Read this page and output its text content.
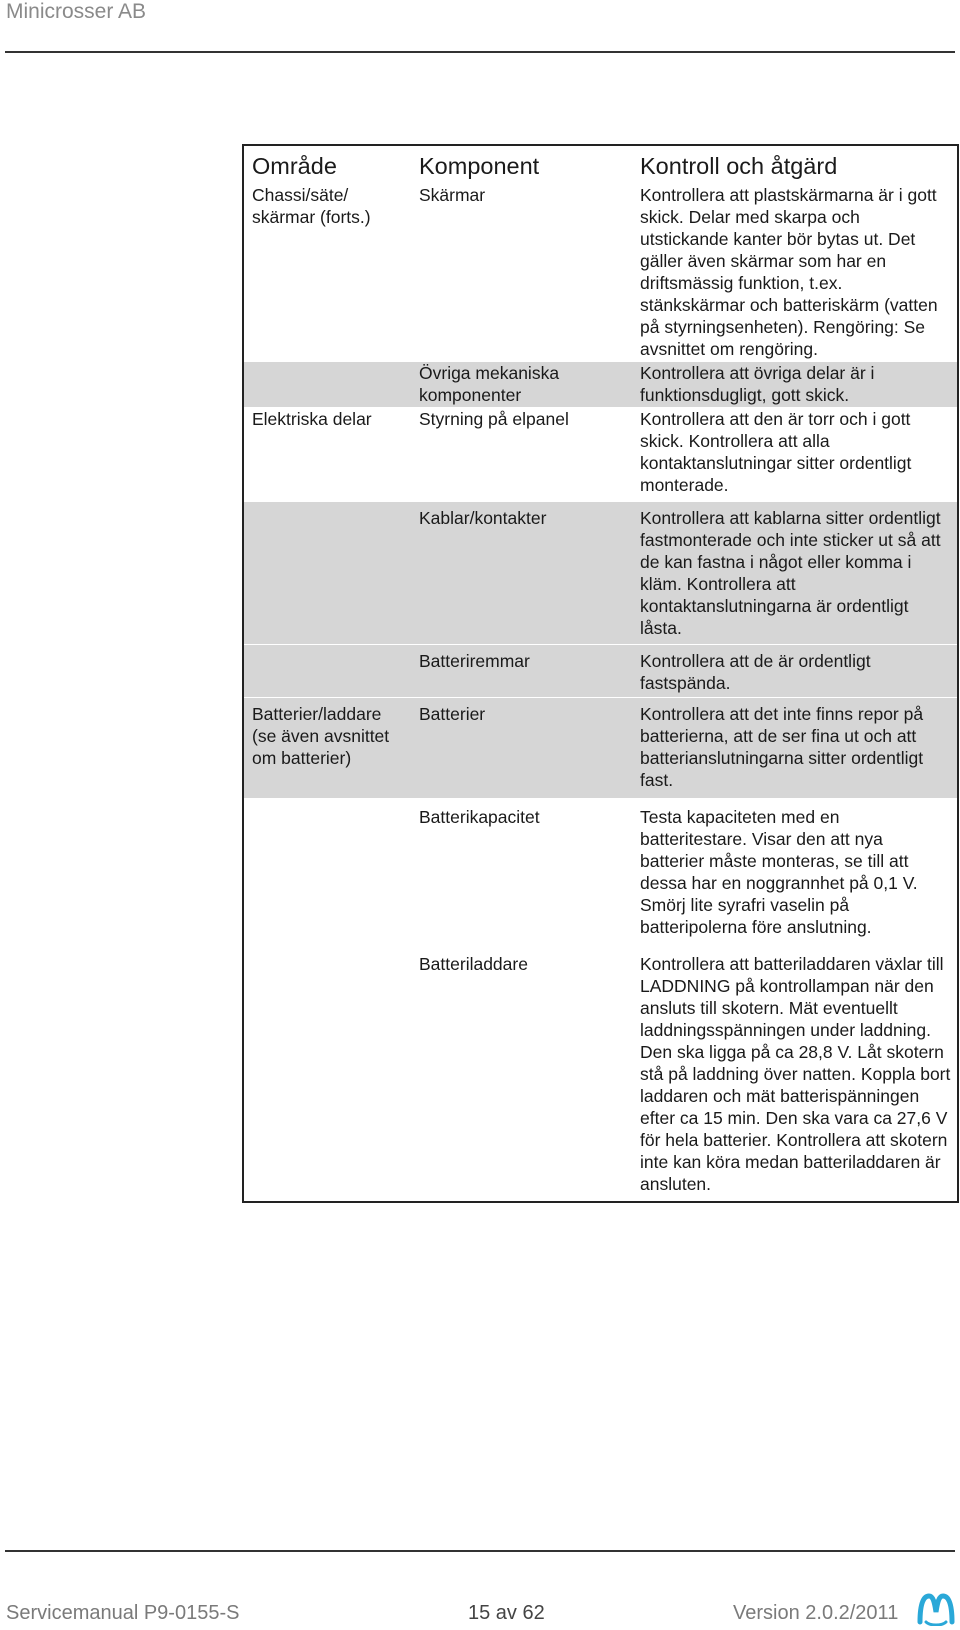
Minicrosser AB
Område	Komponent	Kontroll och åtgärd
Chassi/säte/ skärmar (forts.)	Skärmar	Kontrollera att plastskärmarna är i gott skick. Delar med skarpa och utstickande kanter bör bytas ut. Det gäller även skärmar som har en driftsmässig funktion, t.ex. stänkskärmar och batteriskärm (vatten på styrningsenheten). Rengöring: Se avsnittet om rengöring.
	Övriga mekaniska komponenter	Kontrollera att övriga delar är i funktionsdugligt, gott skick.
Elektriska delar	Styrning på elpanel	Kontrollera att den är torr och i gott skick. Kontrollera att alla kontaktanslutningar sitter ordentligt monterade.
	Kablar/kontakter	Kontrollera att kablarna sitter ordentligt fastmonterade och inte sticker ut så att de kan fastna i något eller komma i kläm. Kontrollera att kontaktanslutningarna är ordentligt låsta.
	Batteriremmar	Kontrollera att de är ordentligt fastspända.
Batterier/laddare (se även avsnittet om batterier)	Batterier	Kontrollera att det inte finns repor på batterierna, att de ser fina ut och att batterianslutningarna sitter ordentligt fast.
	Batterikapacitet	Testa kapaciteten med en batteritestare. Visar den att nya batterier måste monteras, se till att dessa har en noggrannhet på 0,1 V. Smörj lite syrafri vaselin på batteripolerna före anslutning.
	Batteriladdare	Kontrollera att batteriladdaren växlar till LADDNING på kontrollampan när den ansluts till skotern. Mät eventuellt laddningsspänningen under laddning. Den ska ligga på ca 28,8 V. Låt skotern stå på laddning över natten. Koppla bort laddaren och mät batterispänningen efter ca 15 min. Den ska vara ca 27,6 V för hela batterier. Kontrollera att skotern inte kan köra medan batteriladdaren är ansluten.
Servicemanual P9-0155-S	15 av 62	Version 2.0.2/2011
